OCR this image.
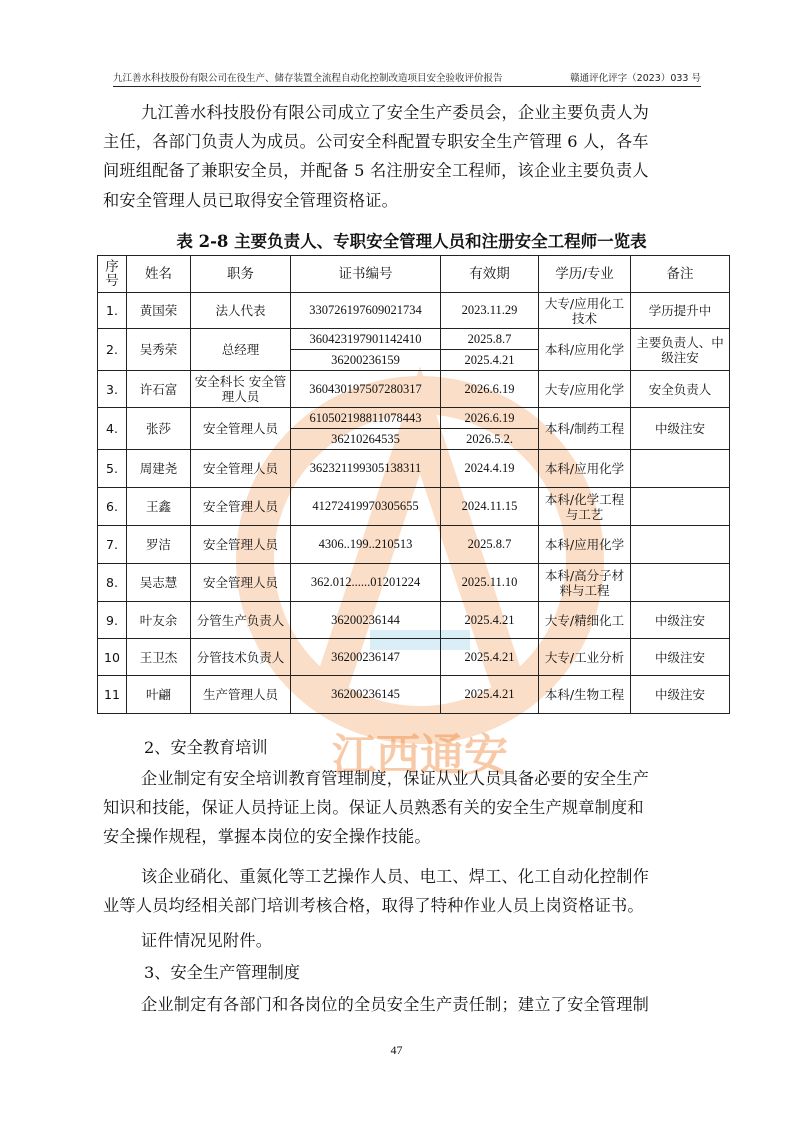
江西通安
九江善水科技股份有限公司在役生产、储存装置全流程自动化控制改造项目安全验收评价报告	赣通评化评字（2023）033 号

九江善水科技股份有限公司成立了安全生产委员会，企业主要负责人为
主任，各部门负责人为成员。公司安全科配置专职安全生产管理 6 人，各车
间班组配备了兼职安全员，并配备 5 名注册安全工程师，该企业主要负责人
和安全管理人员已取得安全管理资格证。

表 2-8 主要负责人、专职安全管理人员和注册安全工程师一览表
序号	姓名	职务	证书编号	有效期	学历/专业	备注
1.	黄国荣	法人代表	330726197609021734	2023.11.29	大专/应用化工技术	学历提升中
2.	吴秀荣	总经理	360423197901142410	2025.8.7	本科/应用化学	主要负责人、中级注安
			36200236159	2025.4.21		
3.	许石富	安全科长 安全管理人员	360430197507280317	2026.6.19	大专/应用化学	安全负责人
4.	张莎	安全管理人员	610502198811078443	2026.6.19	本科/制药工程	中级注安
			36210264535	2026.5.2.		
5.	周建尧	安全管理人员	362321199305138311	2024.4.19	本科/应用化学	
6.	王鑫	安全管理人员	41272419970305655	2024.11.15	本科/化学工程与工艺	
7.	罗洁	安全管理人员	4306..199..210513	2025.8.7	本科/应用化学	
8.	吴志慧	安全管理人员	362.012......01201224	2025.11.10	本科/高分子材料与工程	
9.	叶友余	分管生产负责人	36200236144	2025.4.21	大专/精细化工	中级注安
10	王卫杰	分管技术负责人	36200236147	2025.4.21	大专/工业分析	中级注安
11	叶翩	生产管理人员	36200236145	2025.4.21	本科/生物工程	中级注安
2、安全教育培训

企业制定有安全培训教育管理制度，保证从业人员具备必要的安全生产
知识和技能，保证人员持证上岗。保证人员熟悉有关的安全生产规章制度和
安全操作规程，掌握本岗位的安全操作技能。

该企业硝化、重氮化等工艺操作人员、电工、焊工、化工自动化控制作
业等人员均经相关部门培训考核合格，取得了特种作业人员上岗资格证书。

证件情况见附件。

3、安全生产管理制度

企业制定有各部门和各岗位的全员安全生产责任制；建立了安全管理制

47
